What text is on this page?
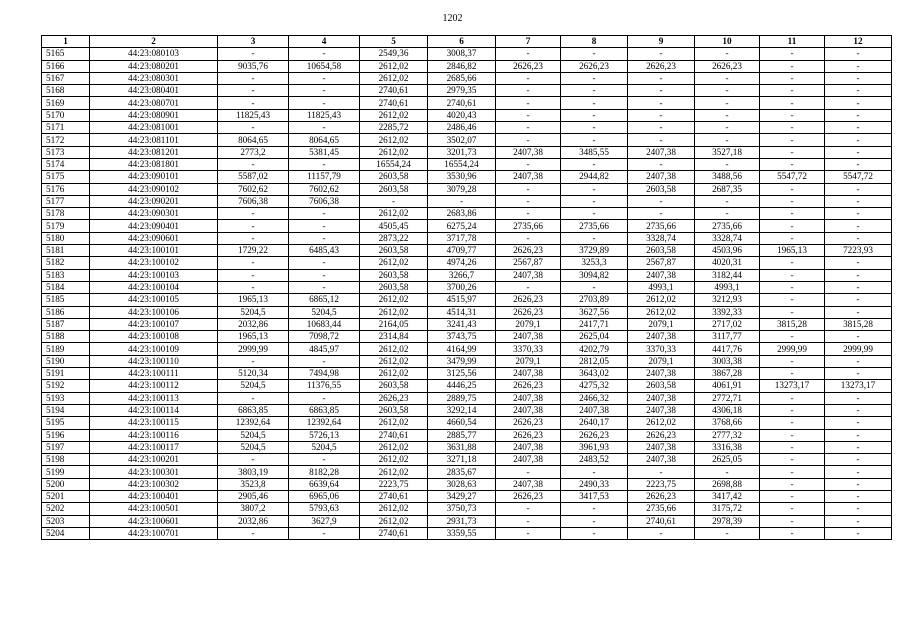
1202
1	2	3	4	5	6	7	8	9	10	11	12
5165	44:23:080103	-	-	2549,36	3008,37	-	-	-	-	-	-
5166	44:23:080201	9035,76	10654,58	2612,02	2846,82	2626,23	2626,23	2626,23	2626,23	-	-
5167	44:23:080301	-	-	2612,02	2685,66	-	-	-	-	-	-
5168	44:23:080401	-	-	2740,61	2979,35	-	-	-	-	-	-
5169	44:23:080701	-	-	2740,61	2740,61	-	-	-	-	-	-
5170	44:23:080901	11825,43	11825,43	2612,02	4020,43	-	-	-	-	-	-
5171	44:23:081001	-	-	2285,72	2486,46	-	-	-	-	-	-
5172	44:23:081101	8064,65	8064,65	2612,02	3502,07	-	-	-	-	-	-
5173	44:23:081201	2773,2	5381,45	2612,02	3201,73	2407,38	3485,55	2407,38	3527,18	-	-
5174	44:23:081801	-	-	16554,24	16554,24	-	-	-	-	-	-
5175	44:23:090101	5587,02	11157,79	2603,58	3530,96	2407,38	2944,82	2407,38	3488,56	5547,72	5547,72
5176	44:23:090102	7602,62	7602,62	2603,58	3079,28	-	-	2603,58	2687,35	-	-
5177	44:23:090201	7606,38	7606,38	-	-	-	-	-	-	-	-
5178	44:23:090301	-	-	2612,02	2683,86	-	-	-	-	-	-
5179	44:23:090401	-	-	4505,45	6275,24	2735,66	2735,66	2735,66	2735,66	-	-
5180	44:23:090601	-	-	2873,22	3717,78	-	-	3328,74	3328,74	-	-
5181	44:23:100101	1729,22	6485,43	2603,58	4709,77	2626,23	3729,89	2603,58	4503,96	1965,13	7223,93
5182	44:23:100102	-	-	2612,02	4974,26	2567,87	3253,3	2567,87	4020,31	-	-
5183	44:23:100103	-	-	2603,58	3266,7	2407,38	3094,82	2407,38	3182,44	-	-
5184	44:23:100104	-	-	2603,58	3700,26	-	-	4993,1	4993,1	-	-
5185	44:23:100105	1965,13	6865,12	2612,02	4515,97	2626,23	2703,89	2612,02	3212,93	-	-
5186	44:23:100106	5204,5	5204,5	2612,02	4514,31	2626,23	3627,56	2612,02	3392,33	-	-
5187	44:23:100107	2032,86	10683,44	2164,05	3241,43	2079,1	2417,71	2079,1	2717,02	3815,28	3815,28
5188	44:23:100108	1965,13	7098,72	2314,84	3743,75	2407,38	2625,04	2407,38	3117,77	-	-
5189	44:23:100109	2999,99	4845,97	2612,02	4164,99	3370,33	4202,79	3370,33	4417,76	2999,99	2999,99
5190	44:23:100110	-	-	2612,02	3479,99	2079,1	2812,05	2079,1	3003,38	-	-
5191	44:23:100111	5120,34	7494,98	2612,02	3125,56	2407,38	3643,02	2407,38	3867,28	-	-
5192	44:23:100112	5204,5	11376,55	2603,58	4446,25	2626,23	4275,32	2603,58	4061,91	13273,17	13273,17
5193	44:23:100113	-	-	2626,23	2889,75	2407,38	2466,32	2407,38	2772,71	-	-
5194	44:23:100114	6863,85	6863,85	2603,58	3292,14	2407,38	2407,38	2407,38	4306,18	-	-
5195	44:23:100115	12392,64	12392,64	2612,02	4660,54	2626,23	2640,17	2612,02	3768,66	-	-
5196	44:23:100116	5204,5	5726,13	2740,61	2885,77	2626,23	2626,23	2626,23	2777,32	-	-
5197	44:23:100117	5204,5	5204,5	2612,02	3631,88	2407,38	3961,93	2407,38	3316,38	-	-
5198	44:23:100201	-	-	2612,02	3271,18	2407,38	2483,52	2407,38	2625,05	-	-
5199	44:23:100301	3803,19	8182,28	2612,02	2835,67	-	-	-	-	-	-
5200	44:23:100302	3523,8	6639,64	2223,75	3028,63	2407,38	2490,33	2223,75	2698,88	-	-
5201	44:23:100401	2905,46	6965,06	2740,61	3429,27	2626,23	3417,53	2626,23	3417,42	-	-
5202	44:23:100501	3807,2	5793,63	2612,02	3750,73	-	-	2735,66	3175,72	-	-
5203	44:23:100601	2032,86	3627,9	2612,02	2931,73	-	-	2740,61	2978,39	-	-
5204	44:23:100701	-	-	2740,61	3359,55	-	-	-	-	-	-
